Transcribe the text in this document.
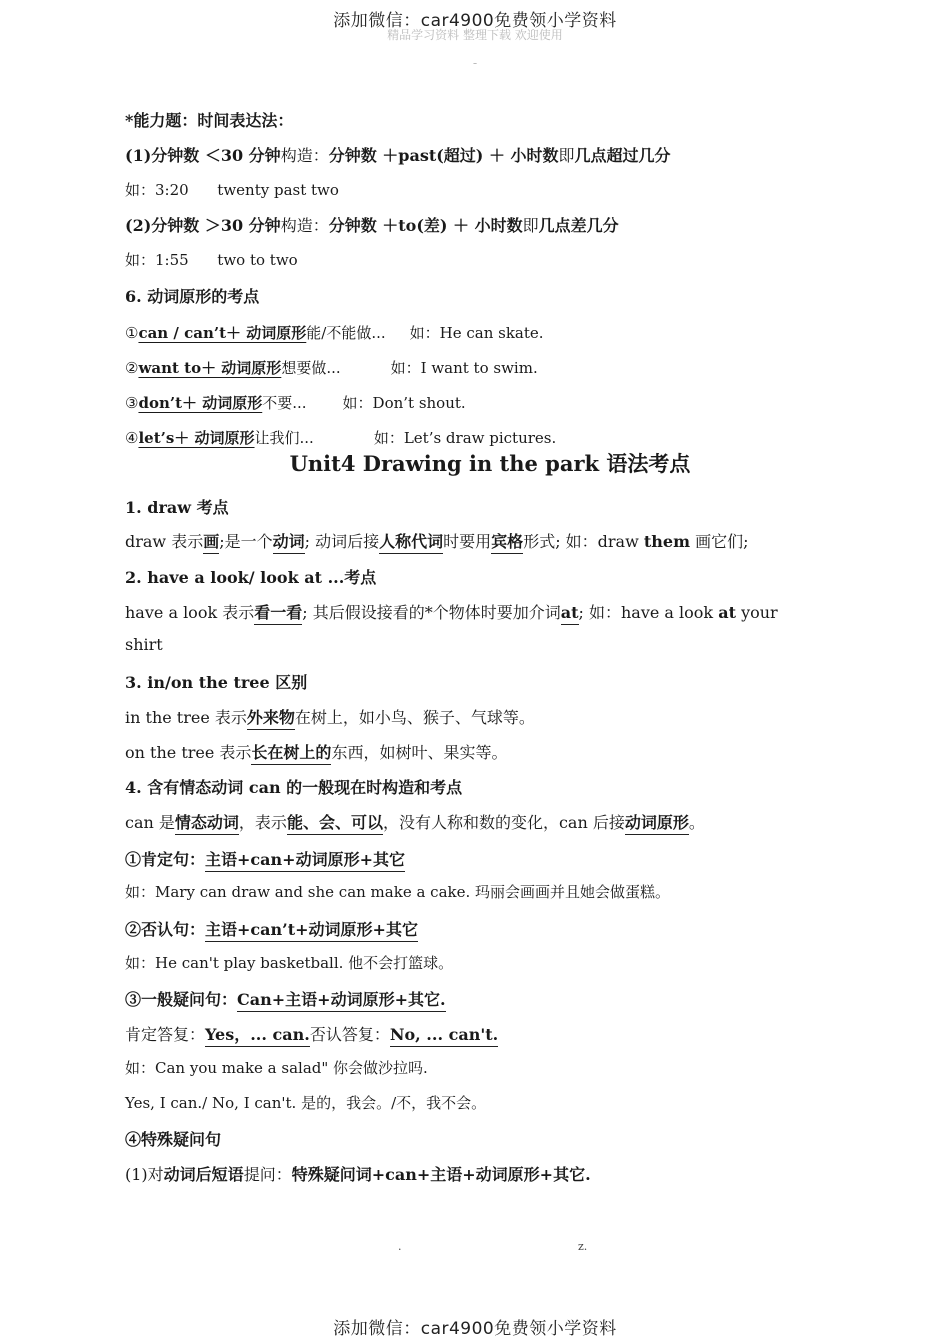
添加微信：car4900免费领小学资料
精品学习资料 整理下载 欢迎使用
-
*能力题：时间表达法：
(1)分钟数 ＜30 分钟构造：分钟数 ＋past(超过) ＋ 小时数即几点超过几分
如：3:20      twenty past two
(2)分钟数 ＞30 分钟构造：分钟数 ＋to(差) ＋ 小时数即几点差几分
如：1:55      two to two
6. 动词原形的考点
①can / can’t＋ 动词原形能/不能做... 如：He can skate.
②want to＋ 动词原形想要做...	如：I want to swim.
③don’t＋ 动词原形不要... 如：Don’t shout.
④let’s＋ 动词原形让我们...	如：Let’s draw pictures.
Unit4 Drawing in the park 语法考点
1. draw 考点
draw 表示画;是一个动词; 动词后接人称代词时要用宾格形式; 如：draw them 画它们;
2. have a look/ look at ...考点
have a look 表示看一看; 其后假设接看的*个物体时要加介词at; 如：have a look at your
shirt
3. in/on the tree 区别
in the tree 表示外来物在树上，如小鸟、猴子、气球等。
on the tree 表示长在树上的东西，如树叶、果实等。
4. 含有情态动词 can 的一般现在时构造和考点
can 是情态动词，表示能、会、可以，没有人称和数的变化，can 后接动词原形。
①肯定句：主语+can+动词原形+其它
如：Mary can draw and she can make a cake. 玛丽会画画并且她会做蛋糕。
②否认句：主语+can’t+动词原形+其它
如：He can't play basketball. 他不会打篮球。
③一般疑问句：Can+主语+动词原形+其它.
肯定答复：Yes，... can.否认答复：No, ... can't.
如：Can you make a salad" 你会做沙拉吗.
Yes, I can./ No, I can't. 是的，我会。/不，我不会。
④特殊疑问句
(1)对动词后短语提问：特殊疑问词+can+主语+动词原形+其它.
.	z.
添加微信：car4900免费领小学资料
